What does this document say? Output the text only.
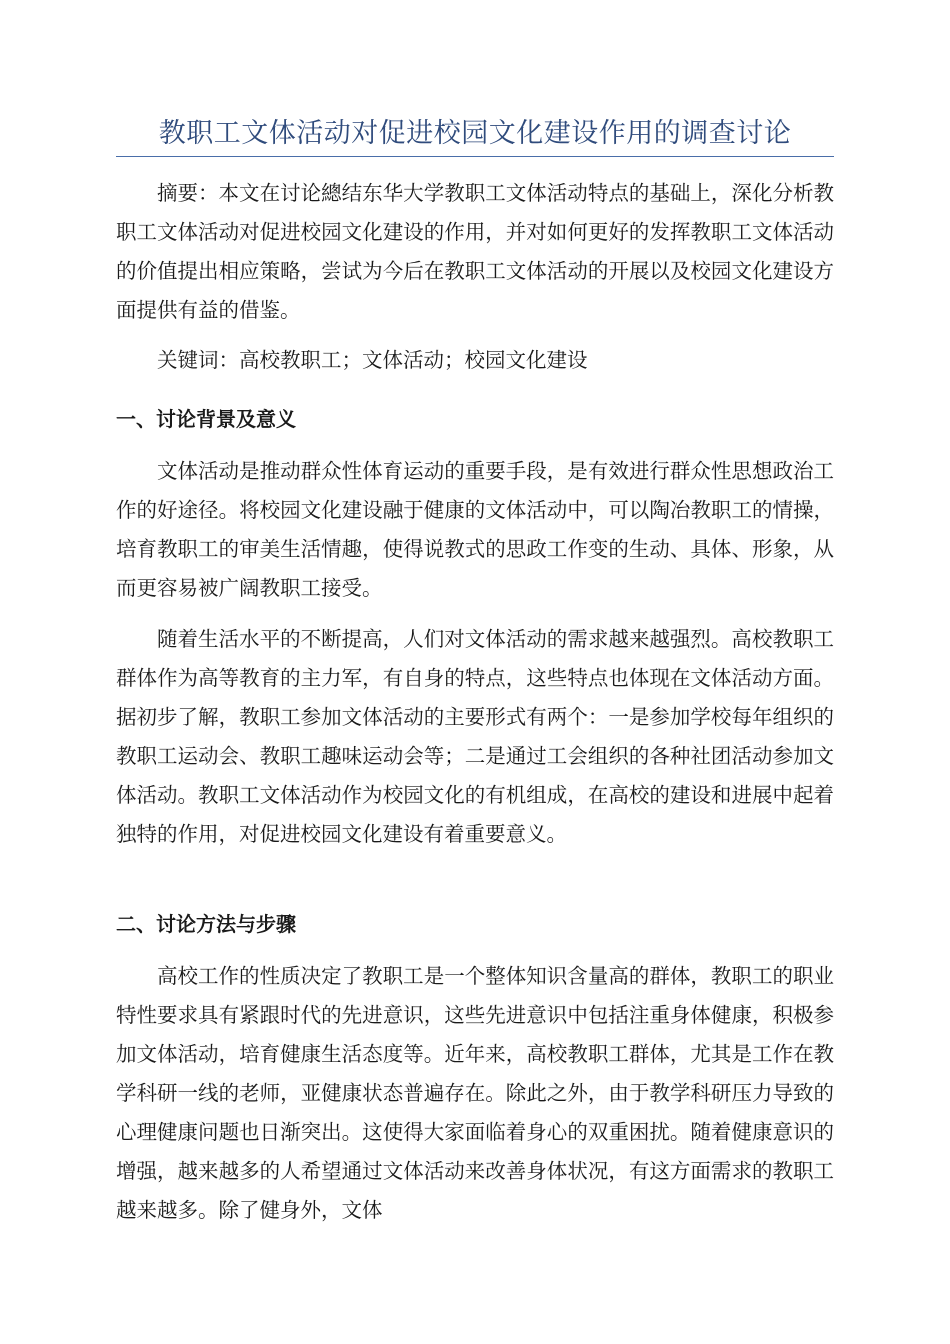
教职工文体活动对促进校园文化建设作用的调查讨论

摘要：本文在讨论總结东华大学教职工文体活动特点的基础上，深化分析教职工文体活动对促进校园文化建设的作用，并对如何更好的发挥教职工文体活动的价值提出相应策略，尝试为今后在教职工文体活动的开展以及校园文化建设方面提供有益的借鉴。

关键词：高校教职工；文体活动；校园文化建设

一、讨论背景及意义

文体活动是推动群众性体育运动的重要手段，是有效进行群众性思想政治工作的好途径。将校园文化建设融于健康的文体活动中，可以陶冶教职工的情操，培育教职工的审美生活情趣，使得说教式的思政工作变的生动、具体、形象，从而更容易被广阔教职工接受。

随着生活水平的不断提高，人们对文体活动的需求越来越强烈。高校教职工群体作为高等教育的主力军，有自身的特点，这些特点也体现在文体活动方面。据初步了解，教职工参加文体活动的主要形式有两个：一是参加学校每年组织的教职工运动会、教职工趣味运动会等；二是通过工会组织的各种社团活动参加文体活动。教职工文体活动作为校园文化的有机组成，在高校的建设和进展中起着独特的作用，对促进校园文化建设有着重要意义。

二、讨论方法与步骤

高校工作的性质决定了教职工是一个整体知识含量高的群体，教职工的职业特性要求具有紧跟时代的先进意识，这些先进意识中包括注重身体健康，积极参加文体活动，培育健康生活态度等。近年来，高校教职工群体，尤其是工作在教学科研一线的老师，亚健康状态普遍存在。除此之外，由于教学科研压力导致的心理健康问题也日渐突出。这使得大家面临着身心的双重困扰。随着健康意识的增强，越来越多的人希望通过文体活动来改善身体状况，有这方面需求的教职工越来越多。除了健身外，文体
